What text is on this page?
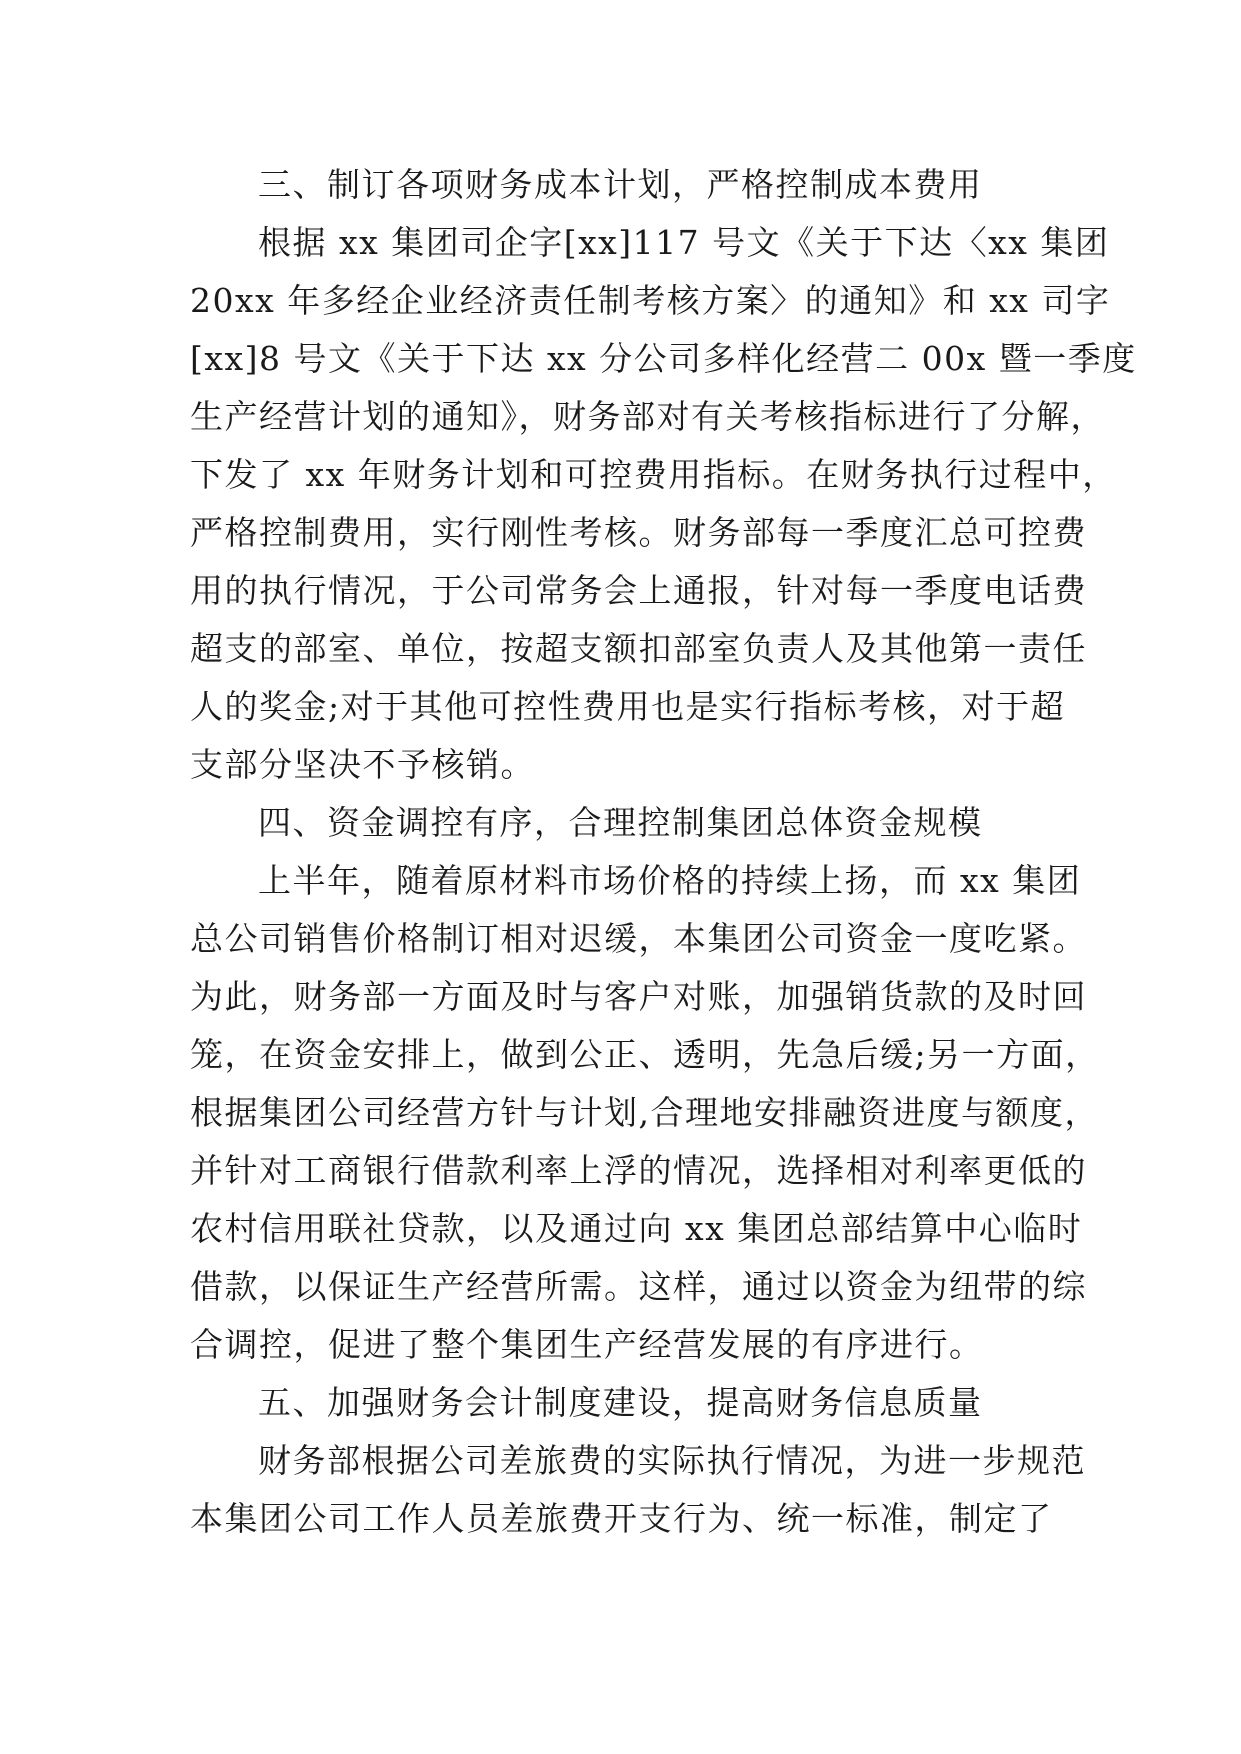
三、制订各项财务成本计划，严格控制成本费用
根据 xx 集团司企字[xx]117 号文《关于下达〈xx 集团
20xx 年多经企业经济责任制考核方案〉的通知》和 xx 司字
[xx]8 号文《关于下达 xx 分公司多样化经营二 00x 暨一季度
生产经营计划的通知》，财务部对有关考核指标进行了分解，
下发了 xx 年财务计划和可控费用指标。在财务执行过程中，
严格控制费用，实行刚性考核。财务部每一季度汇总可控费
用的执行情况，于公司常务会上通报，针对每一季度电话费
超支的部室、单位，按超支额扣部室负责人及其他第一责任
人的奖金;对于其他可控性费用也是实行指标考核，对于超
支部分坚决不予核销。
四、资金调控有序，合理控制集团总体资金规模
上半年，随着原材料市场价格的持续上扬，而 xx 集团
总公司销售价格制订相对迟缓，本集团公司资金一度吃紧。
为此，财务部一方面及时与客户对账，加强销货款的及时回
笼，在资金安排上，做到公正、透明，先急后缓;另一方面，
根据集团公司经营方针与计划,合理地安排融资进度与额度，
并针对工商银行借款利率上浮的情况，选择相对利率更低的
农村信用联社贷款，以及通过向 xx 集团总部结算中心临时
借款，以保证生产经营所需。这样，通过以资金为纽带的综
合调控，促进了整个集团生产经营发展的有序进行。
五、加强财务会计制度建设，提高财务信息质量
财务部根据公司差旅费的实际执行情况，为进一步规范
本集团公司工作人员差旅费开支行为、统一标准，制定了
